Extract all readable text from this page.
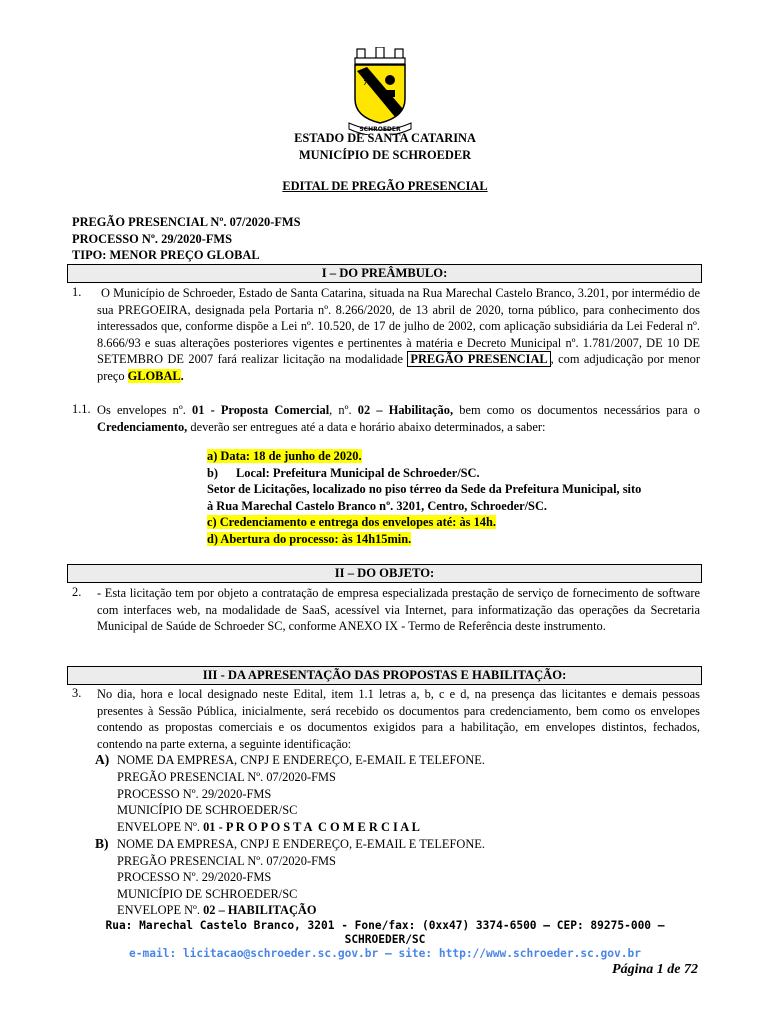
♓
SCHROEDER
ESTADO DE SANTA CATARINA
MUNICÍPIO DE SCHROEDER
EDITAL DE PREGÃO PRESENCIAL
PREGÃO PRESENCIAL Nº. 07/2020-FMS
PROCESSO Nº. 29/2020-FMS
TIPO: MENOR PREÇO GLOBAL
I – DO PREÂMBULO:
1.	O Município de Schroeder, Estado de Santa Catarina, situada na Rua Marechal Castelo Branco, 3.201, por intermédio de sua PREGOEIRA, designada pela Portaria nº. 8.266/2020, de 13 abril de 2020, torna público, para conhecimento dos interessados que, conforme dispõe a Lei nº. 10.520, de 17 de julho de 2002, com aplicação subsidiária da Lei Federal nº. 8.666/93 e suas alterações posteriores vigentes e pertinentes à matéria e Decreto Municipal nº. 1.781/2007, DE 10 DE SETEMBRO DE 2007 fará realizar licitação na modalidade PREGÃO PRESENCIAL , com adjudicação por menor preço GLOBAL.
1.1. Os envelopes nº. 01 - Proposta Comercial, nº. 02 – Habilitação, bem como os documentos necessários para o Credenciamento, deverão ser entregues até a data e horário abaixo determinados, a saber:
a) Data: 18 de junho de 2020.
b) Local: Prefeitura Municipal de Schroeder/SC.
Setor de Licitações, localizado no piso térreo da Sede da Prefeitura Municipal, sito
à Rua Marechal Castelo Branco nº. 3201, Centro, Schroeder/SC.
c) Credenciamento e entrega dos envelopes até: às 14h.
d) Abertura do processo: às 14h15min.
II – DO OBJETO:
2. - Esta licitação tem por objeto a contratação de empresa especializada prestação de serviço de fornecimento de software com interfaces web, na modalidade de SaaS, acessível via Internet, para informatização das operações da Secretaria Municipal de Saúde de Schroeder SC, conforme ANEXO IX - Termo de Referência deste instrumento.
III - DA APRESENTAÇÃO DAS PROPOSTAS E HABILITAÇÃO:
3. No dia, hora e local designado neste Edital, item 1.1 letras a, b, c e d, na presença das licitantes e demais pessoas presentes à Sessão Pública, inicialmente, será recebido os documentos para credenciamento, bem como os envelopes contendo as propostas comerciais e os documentos exigidos para a habilitação, em envelopes distintos, fechados, contendo na parte externa, a seguinte identificação:
A) NOME DA EMPRESA, CNPJ E ENDEREÇO, E-EMAIL E TELEFONE.
PREGÃO PRESENCIAL Nº. 07/2020-FMS
PROCESSO Nº. 29/2020-FMS
MUNICÍPIO DE SCHROEDER/SC
ENVELOPE Nº. 01 - P R O P O S T A  C O M E R C I A L
B) NOME DA EMPRESA, CNPJ E ENDEREÇO, E-EMAIL E TELEFONE.
PREGÃO PRESENCIAL Nº. 07/2020-FMS
PROCESSO Nº. 29/2020-FMS
MUNICÍPIO DE SCHROEDER/SC
ENVELOPE Nº. 02 – HABILITAÇÃO
Rua: Marechal Castelo Branco, 3201 - Fone/fax: (0xx47) 3374-6500 – CEP: 89275-000 –
SCHROEDER/SC
e-mail: licitacao@schroeder.sc.gov.br – site: http://www.schroeder.sc.gov.br
Página 1 de 72
